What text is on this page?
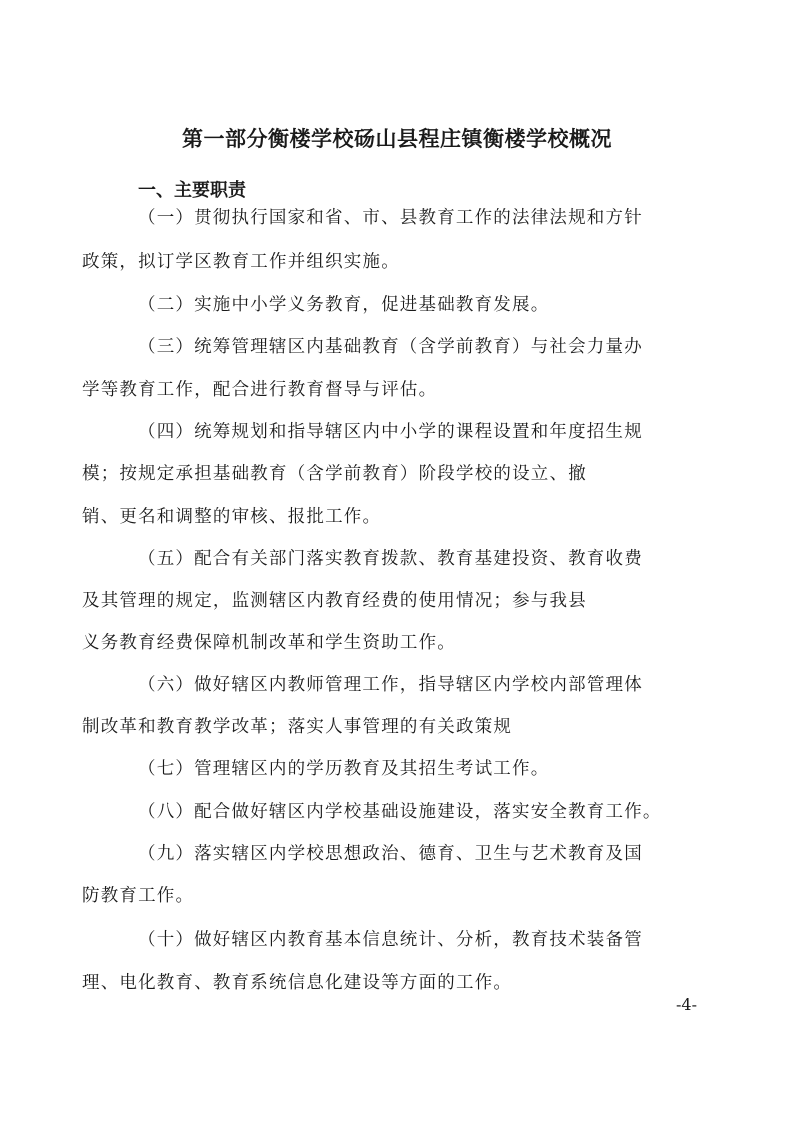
第一部分衡楼学校砀山县程庄镇衡楼学校概况
一、主要职责
（一）贯彻执行国家和省、市、县教育工作的法律法规和方针
政策，拟订学区教育工作并组织实施。
（二）实施中小学义务教育，促进基础教育发展。
（三）统筹管理辖区内基础教育（含学前教育）与社会力量办
学等教育工作，配合进行教育督导与评估。
（四）统筹规划和指导辖区内中小学的课程设置和年度招生规
模；按规定承担基础教育（含学前教育）阶段学校的设立、撤
销、更名和调整的审核、报批工作。
（五）配合有关部门落实教育拨款、教育基建投资、教育收费
及其管理的规定，监测辖区内教育经费的使用情况；参与我县
义务教育经费保障机制改革和学生资助工作。
（六）做好辖区内教师管理工作，指导辖区内学校内部管理体
制改革和教育教学改革；落实人事管理的有关政策规
（七）管理辖区内的学历教育及其招生考试工作。
（八）配合做好辖区内学校基础设施建设，落实安全教育工作。
（九）落实辖区内学校思想政治、德育、卫生与艺术教育及国
防教育工作。
（十）做好辖区内教育基本信息统计、分析，教育技术装备管
理、电化教育、教育系统信息化建设等方面的工作。
-4-
